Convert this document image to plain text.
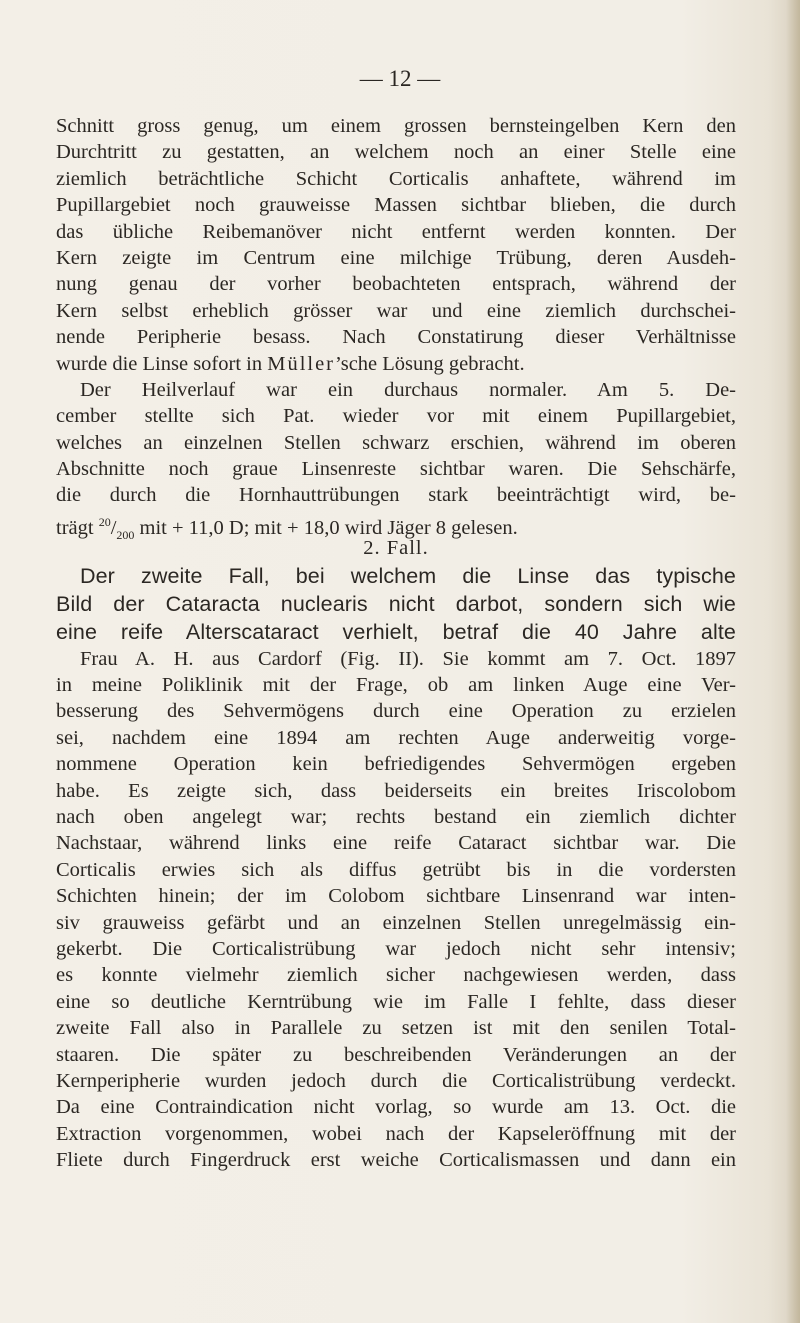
— 12 —
Schnitt gross genug, um einem grossen bernsteingelben Kern den
Durchtritt zu gestatten, an welchem noch an einer Stelle eine
ziemlich beträchtliche Schicht Corticalis anhaftete, während im
Pupillargebiet noch grauweisse Massen sichtbar blieben, die durch
das übliche Reibemanöver nicht entfernt werden konnten. Der
Kern zeigte im Centrum eine milchige Trübung, deren Ausdeh-
nung genau der vorher beobachteten entsprach, während der
Kern selbst erheblich grösser war und eine ziemlich durchschei-
nende Peripherie besass. Nach Constatirung dieser Verhältnisse
wurde die Linse sofort in Müller’sche Lösung gebracht.
Der Heilverlauf war ein durchaus normaler. Am 5. De-
cember stellte sich Pat. wieder vor mit einem Pupillargebiet,
welches an einzelnen Stellen schwarz erschien, während im oberen
Abschnitte noch graue Linsenreste sichtbar waren. Die Sehschärfe,
die durch die Hornhauttrübungen stark beeinträchtigt wird, be-
trägt $^{20}/_{200}$ mit + 11,0 D; mit + 18,0 wird Jäger 8 gelesen.
2. Fall.
Der zweite Fall, bei welchem die Linse das typische
Bild der Cataracta nuclearis nicht darbot, sondern sich wie
eine reife Alterscataract verhielt, betraf die 40 Jahre alte
Frau A. H. aus Cardorf (Fig. II). Sie kommt am 7. Oct. 1897
in meine Poliklinik mit der Frage, ob am linken Auge eine Ver-
besserung des Sehvermögens durch eine Operation zu erzielen
sei, nachdem eine 1894 am rechten Auge anderweitig vorge-
nommene Operation kein befriedigendes Sehvermögen ergeben
habe. Es zeigte sich, dass beiderseits ein breites Iriscolobom
nach oben angelegt war; rechts bestand ein ziemlich dichter
Nachstaar, während links eine reife Cataract sichtbar war. Die
Corticalis erwies sich als diffus getrübt bis in die vordersten
Schichten hinein; der im Colobom sichtbare Linsenrand war inten-
siv grauweiss gefärbt und an einzelnen Stellen unregelmässig ein-
gekerbt. Die Corticalistrübung war jedoch nicht sehr intensiv;
es konnte vielmehr ziemlich sicher nachgewiesen werden, dass
eine so deutliche Kerntrübung wie im Falle I fehlte, dass dieser
zweite Fall also in Parallele zu setzen ist mit den senilen Total-
staaren. Die später zu beschreibenden Veränderungen an der
Kernperipherie wurden jedoch durch die Corticalistrübung verdeckt.
Da eine Contraindication nicht vorlag, so wurde am 13. Oct. die
Extraction vorgenommen, wobei nach der Kapseleröffnung mit der
Fliete durch Fingerdruck erst weiche Corticalismassen und dann ein
